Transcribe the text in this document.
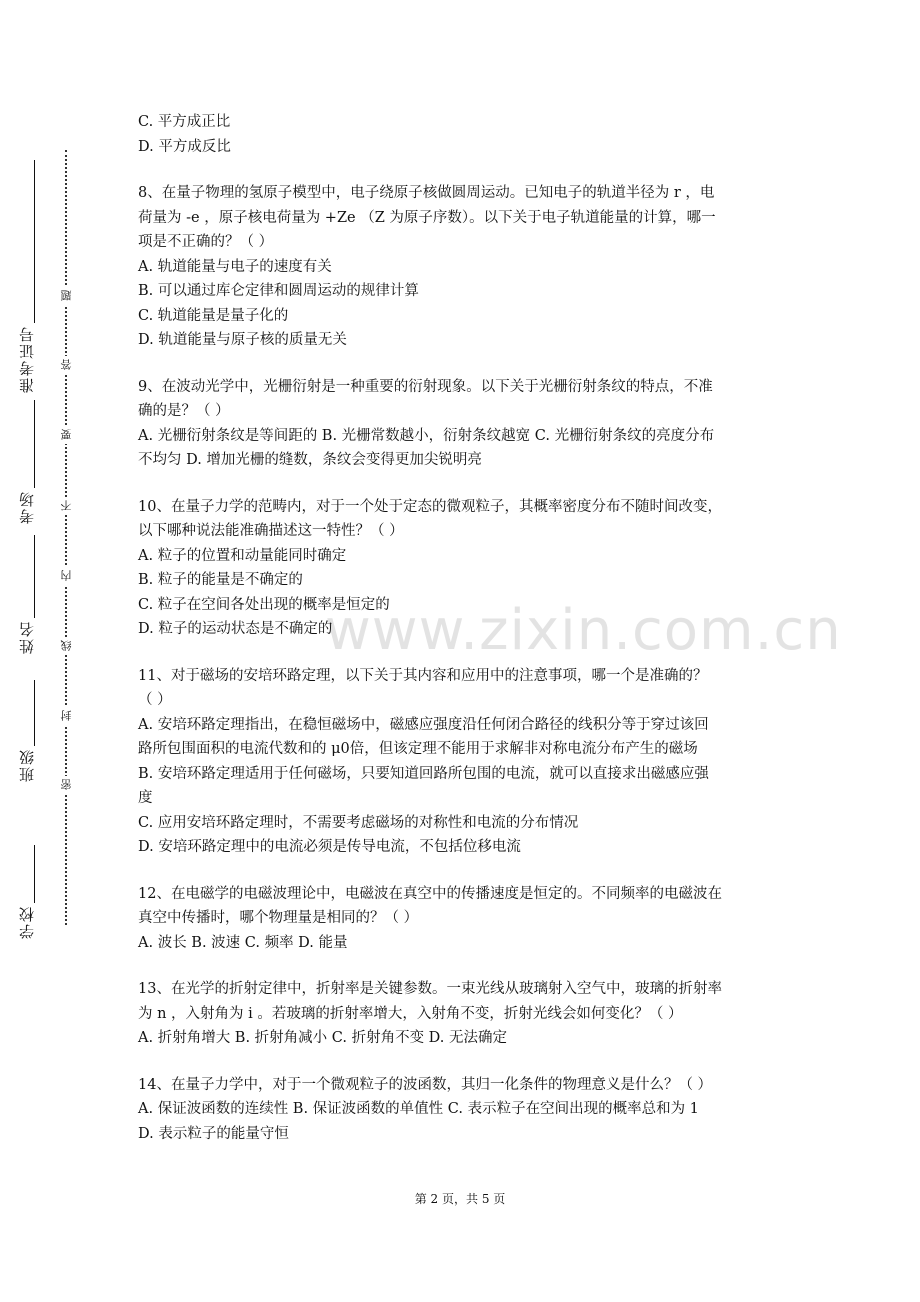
学校
班级
姓名
考场
准考证号
题
答
要
不
内
线
封
密
www.zixin.com.cn

C. 平方成正比

D. 平方成反比

8、在量子物理的氢原子模型中，电子绕原子核做圆周运动。已知电子的轨道半径为 r ，电

荷量为 -e ，原子核电荷量为 +Ze （Z 为原子序数）。以下关于电子轨道能量的计算，哪一

项是不正确的？（ ）

A. 轨道能量与电子的速度有关

B. 可以通过库仑定律和圆周运动的规律计算

C. 轨道能量是量子化的

D. 轨道能量与原子核的质量无关

9、在波动光学中，光栅衍射是一种重要的衍射现象。以下关于光栅衍射条纹的特点，不准

确的是？（ ）

A. 光栅衍射条纹是等间距的 B. 光栅常数越小，衍射条纹越宽 C. 光栅衍射条纹的亮度分布

不均匀 D. 增加光栅的缝数，条纹会变得更加尖锐明亮

10、在量子力学的范畴内，对于一个处于定态的微观粒子，其概率密度分布不随时间改变，

以下哪种说法能准确描述这一特性？（ ）

A. 粒子的位置和动量能同时确定

B. 粒子的能量是不确定的

C. 粒子在空间各处出现的概率是恒定的

D. 粒子的运动状态是不确定的

11、对于磁场的安培环路定理，以下关于其内容和应用中的注意事项，哪一个是准确的？

（ ）

A. 安培环路定理指出，在稳恒磁场中，磁感应强度沿任何闭合路径的线积分等于穿过该回

路所包围面积的电流代数和的 μ0倍，但该定理不能用于求解非对称电流分布产生的磁场

B. 安培环路定理适用于任何磁场，只要知道回路所包围的电流，就可以直接求出磁感应强

度

C. 应用安培环路定理时，不需要考虑磁场的对称性和电流的分布情况

D. 安培环路定理中的电流必须是传导电流，不包括位移电流

12、在电磁学的电磁波理论中，电磁波在真空中的传播速度是恒定的。不同频率的电磁波在

真空中传播时，哪个物理量是相同的？（ ）

A. 波长 B. 波速 C. 频率 D. 能量

13、在光学的折射定律中，折射率是关键参数。一束光线从玻璃射入空气中，玻璃的折射率

为 n ，入射角为 i 。若玻璃的折射率增大，入射角不变，折射光线会如何变化？（ ）

A. 折射角增大 B. 折射角减小 C. 折射角不变 D. 无法确定

14、在量子力学中，对于一个微观粒子的波函数，其归一化条件的物理意义是什么？（ ）

A. 保证波函数的连续性 B. 保证波函数的单值性 C. 表示粒子在空间出现的概率总和为 1

D. 表示粒子的能量守恒

第 2 页，共 5 页
